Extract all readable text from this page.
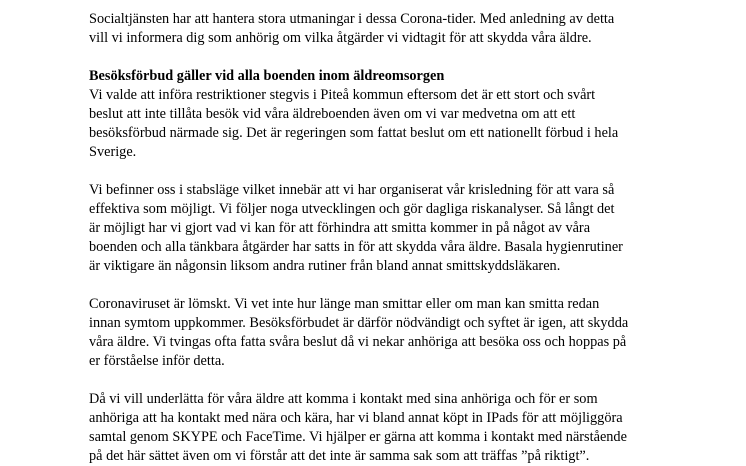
Socialtjänsten har att hantera stora utmaningar i dessa Corona-tider. Med anledning av detta
vill vi informera dig som anhörig om vilka åtgärder vi vidtagit för att skydda våra äldre.

Besöksförbud gäller vid alla boenden inom äldreomsorgen

Vi valde att införa restriktioner stegvis i Piteå kommun eftersom det är ett stort och svårt
beslut att inte tillåta besök vid våra äldreboenden även om vi var medvetna om att ett
besöksförbud närmade sig. Det är regeringen som fattat beslut om ett nationellt förbud i hela
Sverige.

Vi befinner oss i stabsläge vilket innebär att vi har organiserat vår krisledning för att vara så
effektiva som möjligt. Vi följer noga utvecklingen och gör dagliga riskanalyser. Så långt det
är möjligt har vi gjort vad vi kan för att förhindra att smitta kommer in på något av våra
boenden och alla tänkbara åtgärder har satts in för att skydda våra äldre. Basala hygienrutiner
är viktigare än någonsin liksom andra rutiner från bland annat smittskyddsläkaren.

Coronaviruset är lömskt. Vi vet inte hur länge man smittar eller om man kan smitta redan
innan symtom uppkommer. Besöksförbudet är därför nödvändigt och syftet är igen, att skydda
våra äldre. Vi tvingas ofta fatta svåra beslut då vi nekar anhöriga att besöka oss och hoppas på
er förståelse inför detta.

Då vi vill underlätta för våra äldre att komma i kontakt med sina anhöriga och för er som
anhöriga att ha kontakt med nära och kära, har vi bland annat köpt in IPads för att möjliggöra
samtal genom SKYPE och FaceTime. Vi hjälper er gärna att komma i kontakt med närstående
på det här sättet även om vi förstår att det inte är samma sak som att träffas ”på riktigt”.
